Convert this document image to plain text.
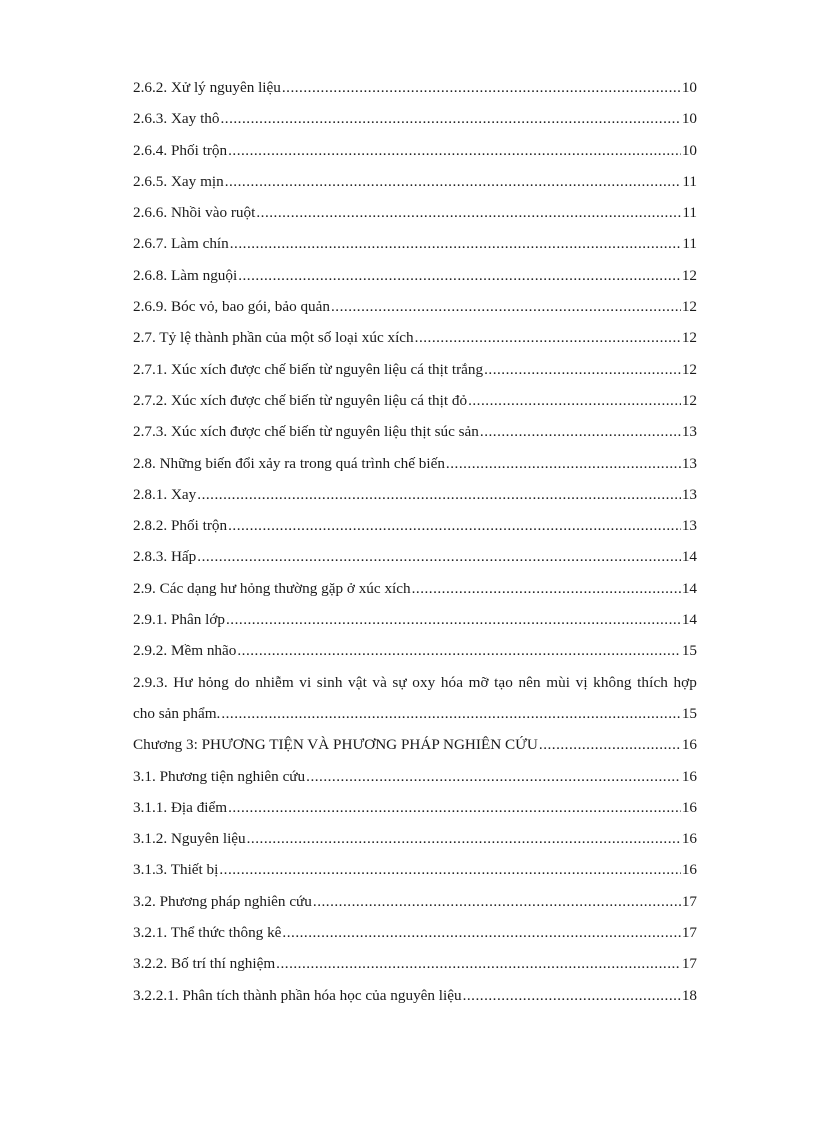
2.6.2. Xử lý nguyên liệu .....	10
2.6.3. Xay thô .....	10
2.6.4. Phối trộn .....	10
2.6.5. Xay mịn .....	11
2.6.6. Nhồi vào ruột .....	11
2.6.7. Làm chín .....	11
2.6.8. Làm nguội .....	12
2.6.9. Bóc vỏ, bao gói, bảo quản .....	12
2.7. Tỷ lệ thành phần của một số loại xúc xích .....	12
2.7.1. Xúc xích được chế biến từ nguyên liệu cá thịt trắng .....	12
2.7.2. Xúc xích được chế biến từ nguyên liệu cá thịt đỏ .....	12
2.7.3. Xúc xích được chế biến từ nguyên liệu thịt súc sản .....	13
2.8. Những biến đổi xảy ra trong quá trình chế biến .....	13
2.8.1. Xay .....	13
2.8.2. Phối trộn .....	13
2.8.3. Hấp .....	14
2.9. Các dạng hư hỏng thường gặp ở xúc xích .....	14
2.9.1. Phân lớp .....	14
2.9.2. Mềm nhão .....	15
2.9.3. Hư hỏng do nhiễm vi sinh vật và sự oxy hóa mỡ tạo nên mùi vị không thích hợp
cho sản phẩm. .....	15
Chương 3: PHƯƠNG TIỆN VÀ PHƯƠNG PHÁP NGHIÊN CỨU .....	16
3.1. Phương tiện nghiên cứu .....	16
3.1.1. Địa điểm .....	16
3.1.2. Nguyên liệu .....	16
3.1.3. Thiết bị .....	16
3.2. Phương pháp nghiên cứu .....	17
3.2.1. Thể thức thông kê .....	17
3.2.2. Bố trí thí nghiệm .....	17
3.2.2.1. Phân tích thành phần hóa học của nguyên liệu .....	18
